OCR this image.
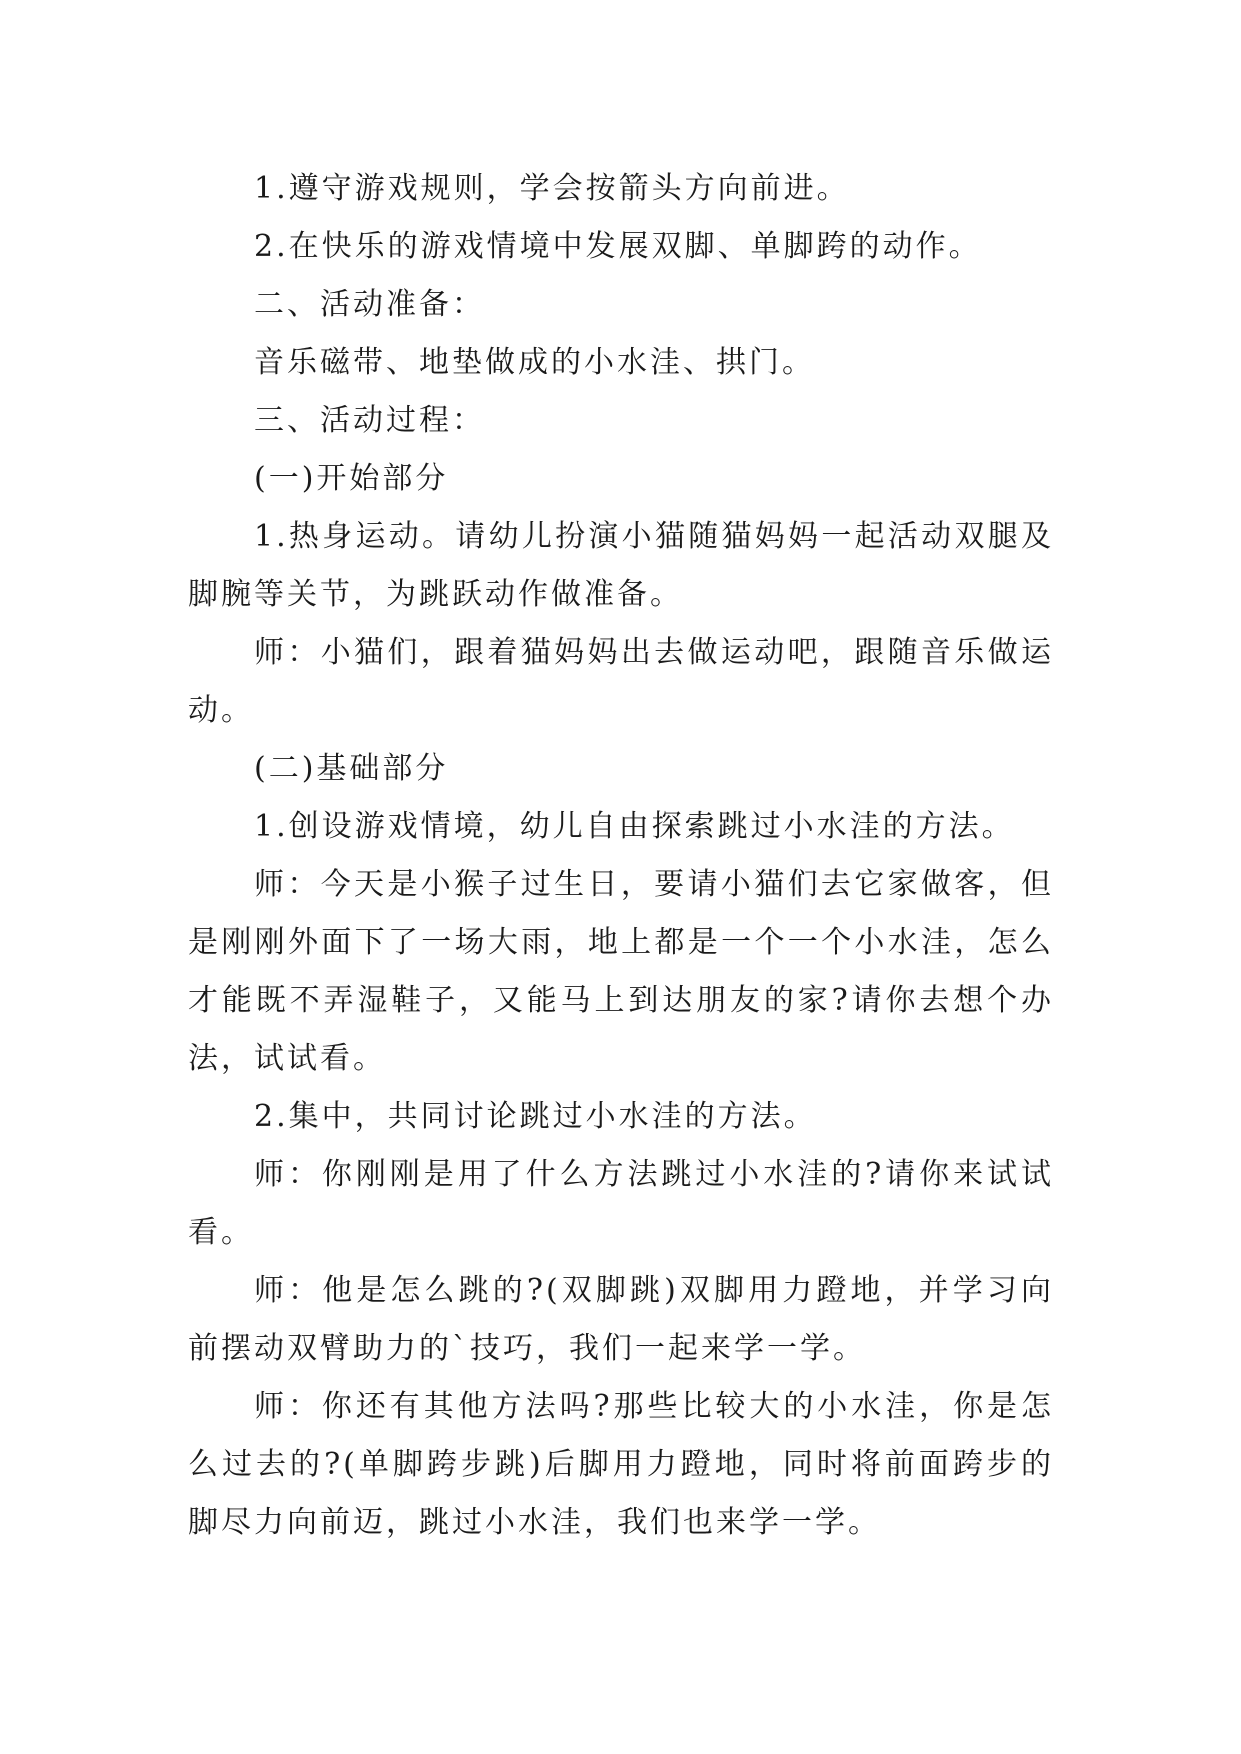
1.遵守游戏规则，学会按箭头方向前进。

2.在快乐的游戏情境中发展双脚、单脚跨的动作。

二、活动准备：

音乐磁带、地垫做成的小水洼、拱门。

三、活动过程：

(一)开始部分

1.热身运动。请幼儿扮演小猫随猫妈妈一起活动双腿及脚腕等关节，为跳跃动作做准备。

师：小猫们，跟着猫妈妈出去做运动吧，跟随音乐做运动。

(二)基础部分

1.创设游戏情境，幼儿自由探索跳过小水洼的方法。

师：今天是小猴子过生日，要请小猫们去它家做客，但是刚刚外面下了一场大雨，地上都是一个一个小水洼，怎么才能既不弄湿鞋子，又能马上到达朋友的家?请你去想个办法，试试看。

2.集中，共同讨论跳过小水洼的方法。

师：你刚刚是用了什么方法跳过小水洼的?请你来试试看。

师：他是怎么跳的?(双脚跳)双脚用力蹬地，并学习向前摆动双臂助力的`技巧，我们一起来学一学。

师：你还有其他方法吗?那些比较大的小水洼，你是怎么过去的?(单脚跨步跳)后脚用力蹬地，同时将前面跨步的脚尽力向前迈，跳过小水洼，我们也来学一学。
